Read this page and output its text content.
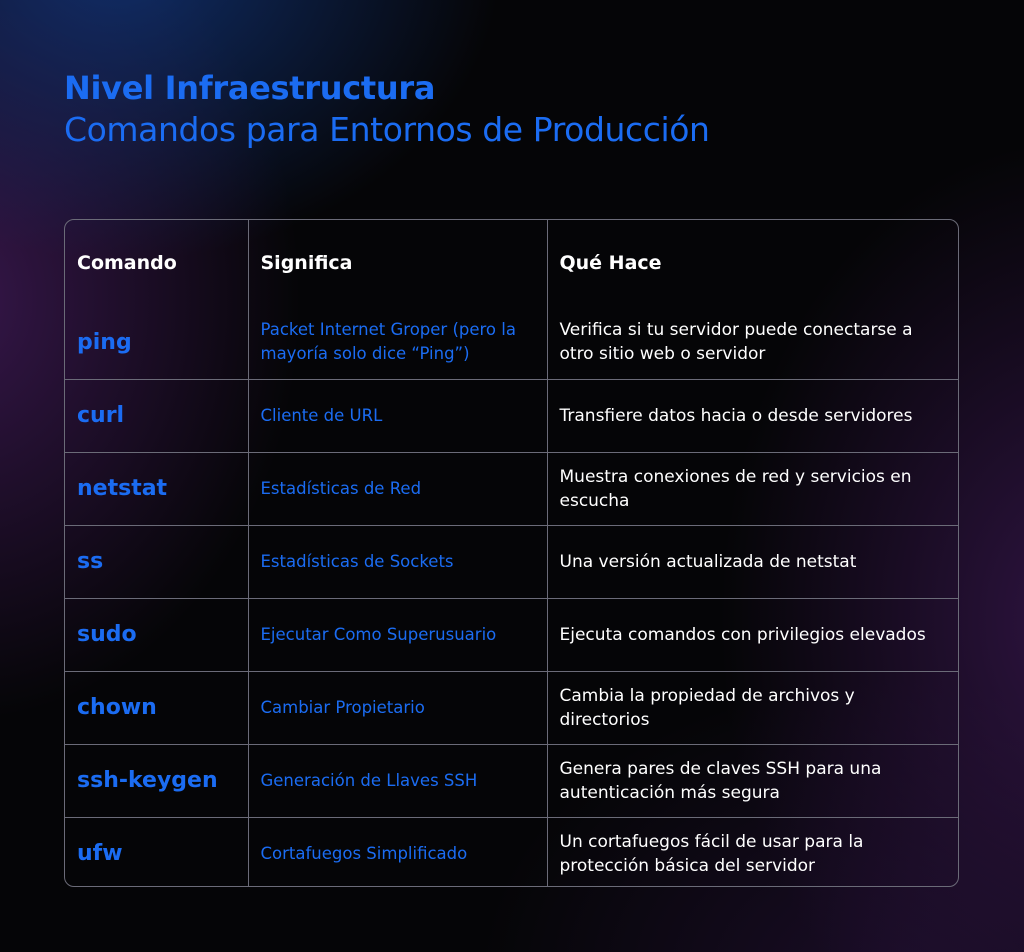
Nivel Infraestructura
Comandos para Entornos de Producción
Comando	Significa	Qué Hace
ping	Packet Internet Groper (pero la mayoría solo dice “Ping”)	Verifica si tu servidor puede conectarse a otro sitio web o servidor
curl	Cliente de URL	Transfiere datos hacia o desde servidores
netstat	Estadísticas de Red	Muestra conexiones de red y servicios en escucha
ss	Estadísticas de Sockets	Una versión actualizada de netstat
sudo	Ejecutar Como Superusuario	Ejecuta comandos con privilegios elevados
chown	Cambiar Propietario	Cambia la propiedad de archivos y directorios
ssh-keygen	Generación de Llaves SSH	Genera pares de claves SSH para una autenticación más segura
ufw	Cortafuegos Simplificado	Un cortafuegos fácil de usar para la protección básica del servidor
